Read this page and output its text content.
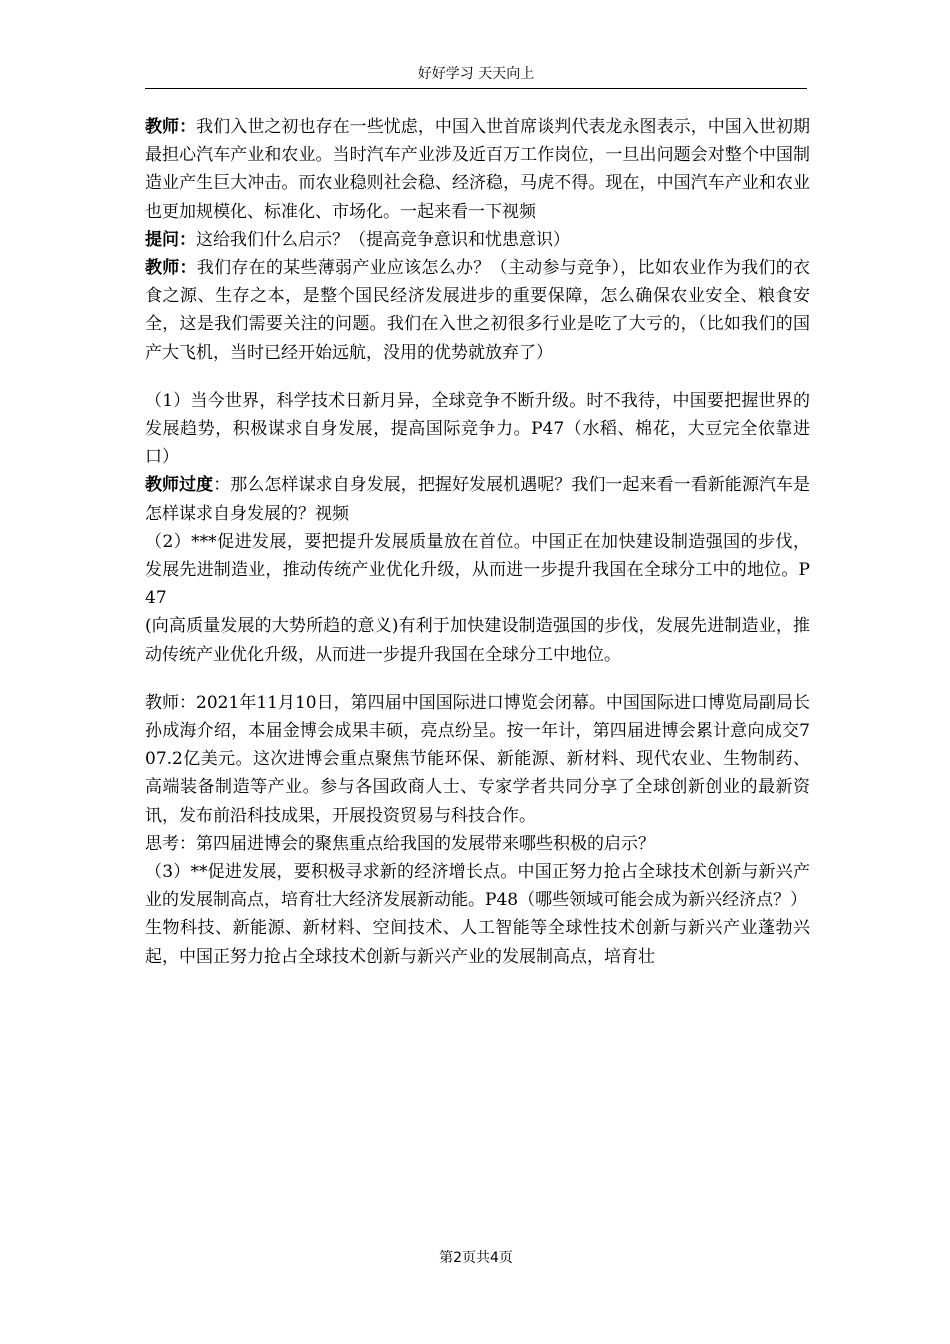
好好学习 天天向上

教师：我们入世之初也存在一些忧虑，中国入世首席谈判代表龙永图表示，中国入世初期最担心汽车产业和农业。当时汽车产业涉及近百万工作岗位，一旦出问题会对整个中国制造业产生巨大冲击。而农业稳则社会稳、经济稳，马虎不得。现在，中国汽车产业和农业也更加规模化、标准化、市场化。一起来看一下视频

提问：这给我们什么启示？（提高竞争意识和忧患意识）

教师：我们存在的某些薄弱产业应该怎么办？（主动参与竞争），比如农业作为我们的衣食之源、生存之本，是整个国民经济发展进步的重要保障，怎么确保农业安全、粮食安全，这是我们需要关注的问题。我们在入世之初很多行业是吃了大亏的，（比如我们的国产大飞机，当时已经开始远航，没用的优势就放弃了）

（1）当今世界，科学技术日新月异，全球竞争不断升级。时不我待，中国要把握世界的发展趋势，积极谋求自身发展，提高国际竞争力。P47（水稻、棉花，大豆完全依靠进口）

教师过度：那么怎样谋求自身发展，把握好发展机遇呢？我们一起来看一看新能源汽车是怎样谋求自身发展的？视频

（2）***促进发展，要把提升发展质量放在首位。中国正在加快建设制造强国的步伐，发展先进制造业，推动传统产业优化升级，从而进一步提升我国在全球分工中的地位。P47

(向高质量发展的大势所趋的意义)有利于加快建设制造强国的步伐，发展先进制造业，推动传统产业优化升级，从而进一步提升我国在全球分工中地位。

教师：2021年11月10日，第四届中国国际进口博览会闭幕。中国国际进口博览局副局长孙成海介绍，本届金博会成果丰硕，亮点纷呈。按一年计，第四届进博会累计意向成交707.2亿美元。这次进博会重点聚焦节能环保、新能源、新材料、现代农业、生物制药、高端装备制造等产业。参与各国政商人士、专家学者共同分享了全球创新创业的最新资讯，发布前沿科技成果，开展投资贸易与科技合作。

思考：第四届进博会的聚焦重点给我国的发展带来哪些积极的启示？

（3）**促进发展，要积极寻求新的经济增长点。中国正努力抢占全球技术创新与新兴产业的发展制高点，培育壮大经济发展新动能。P48（哪些领域可能会成为新兴经济点？）

生物科技、新能源、新材料、空间技术、人工智能等全球性技术创新与新兴产业蓬勃兴起，中国正努力抢占全球技术创新与新兴产业的发展制高点，培育壮

第2页共4页
